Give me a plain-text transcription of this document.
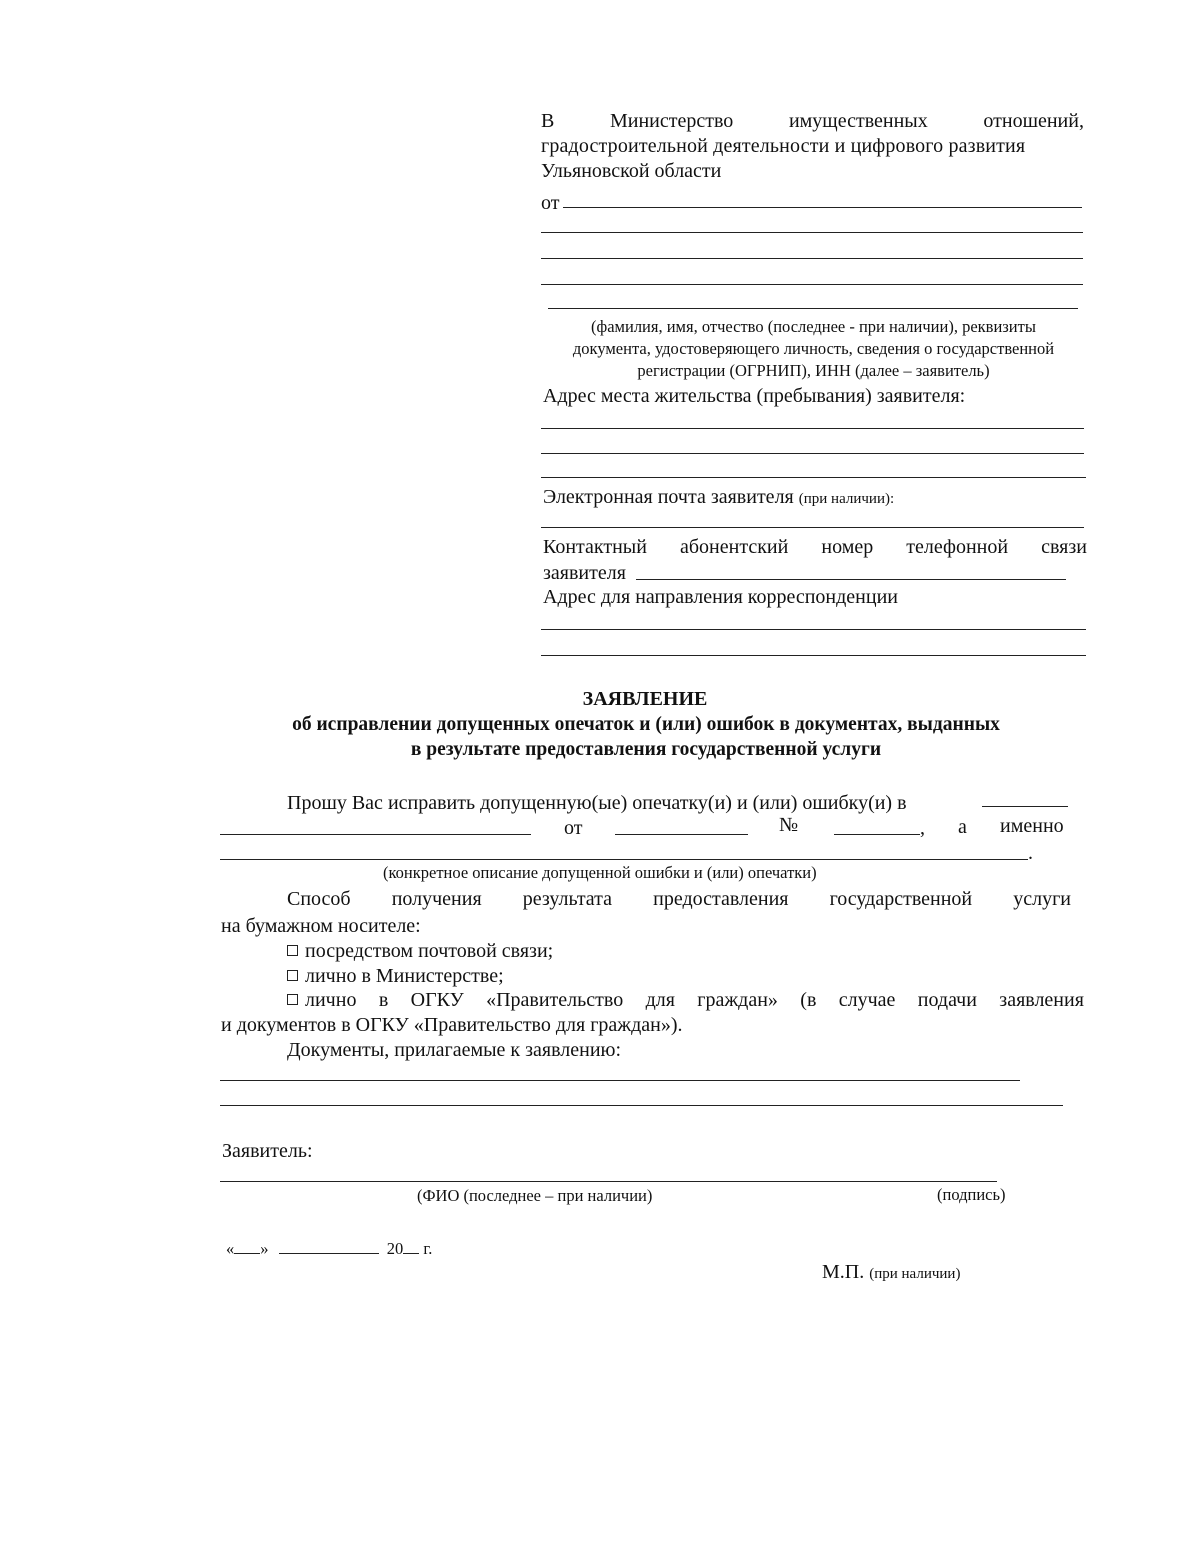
В	Министерство	имущественных	отношений,
градостроительной деятельности и цифрового развития
Ульяновской области
от
(фамилия, имя, отчество (последнее - при наличии), реквизиты
документа, удостоверяющего личность, сведения о государственной
регистрации (ОГРНИП), ИНН (далее – заявитель)
Адрес места жительства (пребывания) заявителя:
Электронная почта заявителя (при наличии):
Контактный абонентский номер телефонной связи
заявителя
Адрес для направления корреспонденции
ЗАЯВЛЕНИЕ
об исправлении допущенных опечаток и (или) ошибок в документах, выданных
в результате предоставления государственной услуги
Прошу Вас исправить допущенную(ые) опечатку(и) и (или) ошибку(и) в
от	№	, а именно
.
(конкретное описание допущенной ошибки и (или) опечатки)
Способ получения результата предоставления государственной услуги
на бумажном носителе:
посредством почтовой связи;
лично в Министерстве;
лично в ОГКУ «Правительство для граждан» (в случае подачи заявления
и документов в ОГКУ «Правительство для граждан»).
Документы, прилагаемые к заявлению:
Заявитель:
(ФИО (последнее – при наличии)	(подпись)
« »	20 г.
М.П. (при наличии)
